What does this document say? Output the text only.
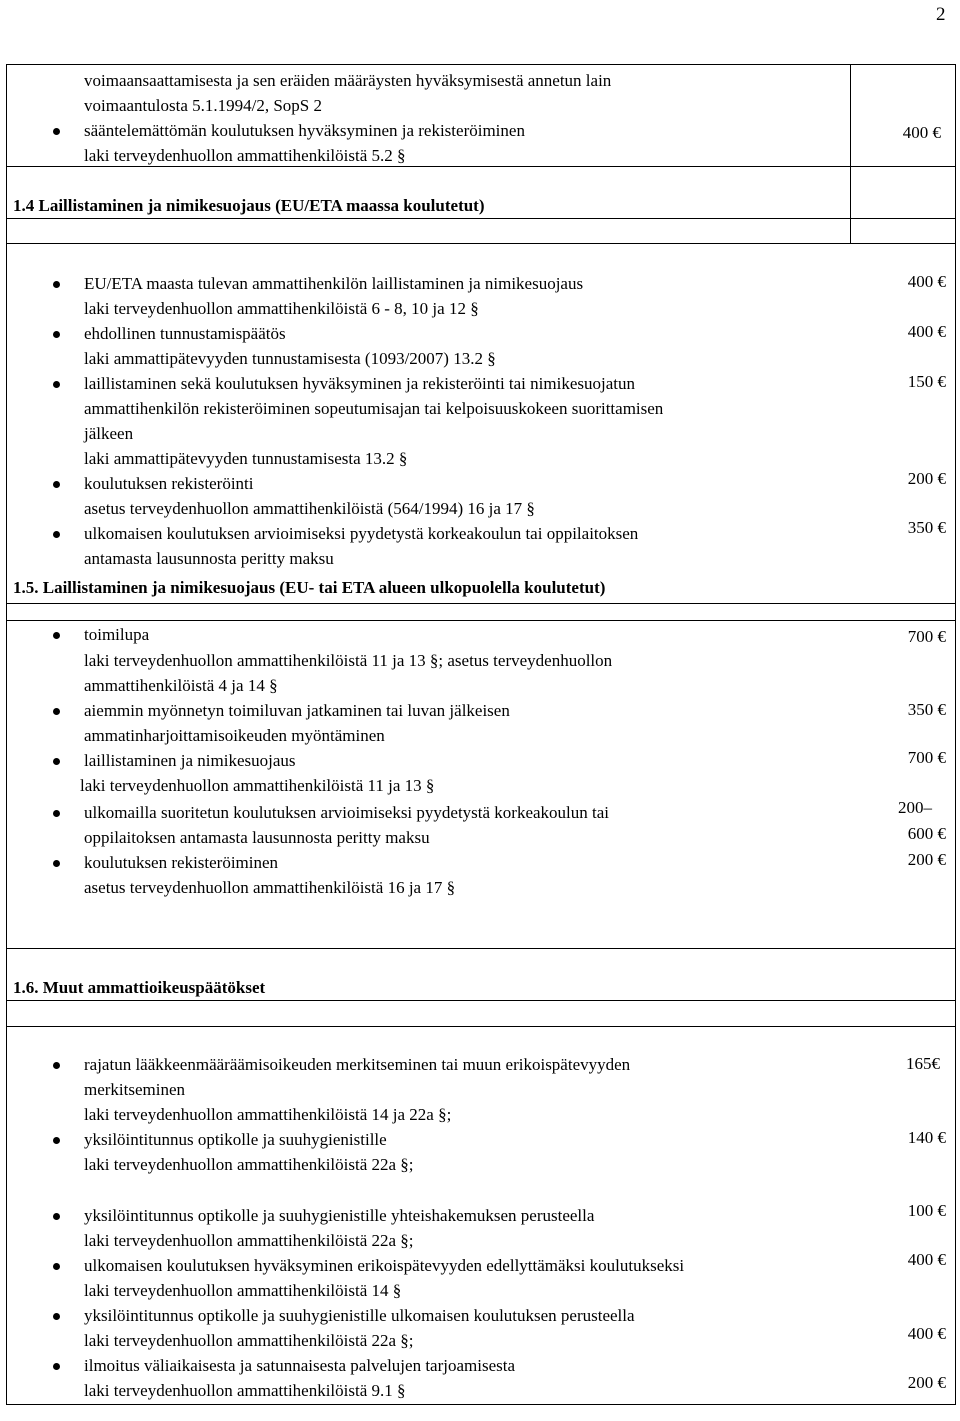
2
voimaansaattamisesta ja sen eräiden määräysten hyväksymisestä annetun lain
voimaantulosta 5.1.1994/2, SopS 2
sääntelemättömän koulutuksen hyväksyminen ja rekisteröiminen
laki terveydenhuollon ammattihenkilöistä 5.2 §
400 €
1.4 Laillistaminen ja nimikesuojaus (EU/ETA maassa koulutetut)
EU/ETA maasta tulevan ammattihenkilön laillistaminen ja nimikesuojaus
laki terveydenhuollon ammattihenkilöistä 6 - 8, 10 ja 12 §
ehdollinen tunnustamispäätös
laki ammattipätevyyden tunnustamisesta (1093/2007) 13.2 §
laillistaminen sekä koulutuksen hyväksyminen ja rekisteröinti tai nimikesuojatun
ammattihenkilön rekisteröiminen sopeutumisajan tai kelpoisuuskokeen suorittamisen
jälkeen
laki ammattipätevyyden tunnustamisesta 13.2 §
koulutuksen rekisteröinti
asetus terveydenhuollon ammattihenkilöistä (564/1994) 16 ja 17 §
ulkomaisen koulutuksen arvioimiseksi pyydetystä korkeakoulun tai oppilaitoksen
antamasta lausunnosta peritty maksu
400 €
400 €
150 €
200 €
350 €
1.5. Laillistaminen ja nimikesuojaus (EU- tai ETA alueen ulkopuolella koulutetut)
toimilupa
laki terveydenhuollon ammattihenkilöistä 11 ja 13 §; asetus terveydenhuollon
ammattihenkilöistä 4 ja 14 §
aiemmin myönnetyn toimiluvan jatkaminen tai luvan jälkeisen
ammatinharjoittamisoikeuden myöntäminen
laillistaminen ja nimikesuojaus
laki terveydenhuollon ammattihenkilöistä 11 ja 13 §
ulkomailla suoritetun koulutuksen arvioimiseksi pyydetystä korkeakoulun tai
oppilaitoksen antamasta lausunnosta peritty maksu
koulutuksen rekisteröiminen
asetus terveydenhuollon ammattihenkilöistä 16 ja 17 §
700 €
350 €
700 €
200–
600 €
200 €
1.6. Muut ammattioikeuspäätökset
rajatun lääkkeenmääräämisoikeuden merkitseminen tai muun erikoispätevyyden
merkitseminen
laki terveydenhuollon ammattihenkilöistä 14 ja 22a §;
yksilöintitunnus optikolle ja suuhygienistille
laki terveydenhuollon ammattihenkilöistä 22a §;
yksilöintitunnus optikolle ja suuhygienistille yhteishakemuksen perusteella
laki terveydenhuollon ammattihenkilöistä 22a §;
ulkomaisen koulutuksen hyväksyminen erikoispätevyyden edellyttämäksi koulutukseksi
laki terveydenhuollon ammattihenkilöistä 14 §
yksilöintitunnus optikolle ja suuhygienistille ulkomaisen koulutuksen perusteella
laki terveydenhuollon ammattihenkilöistä 22a §;
ilmoitus väliaikaisesta ja satunnaisesta palvelujen tarjoamisesta
laki terveydenhuollon ammattihenkilöistä 9.1 §
165€
140 €
100 €
400 €
400 €
200 €
